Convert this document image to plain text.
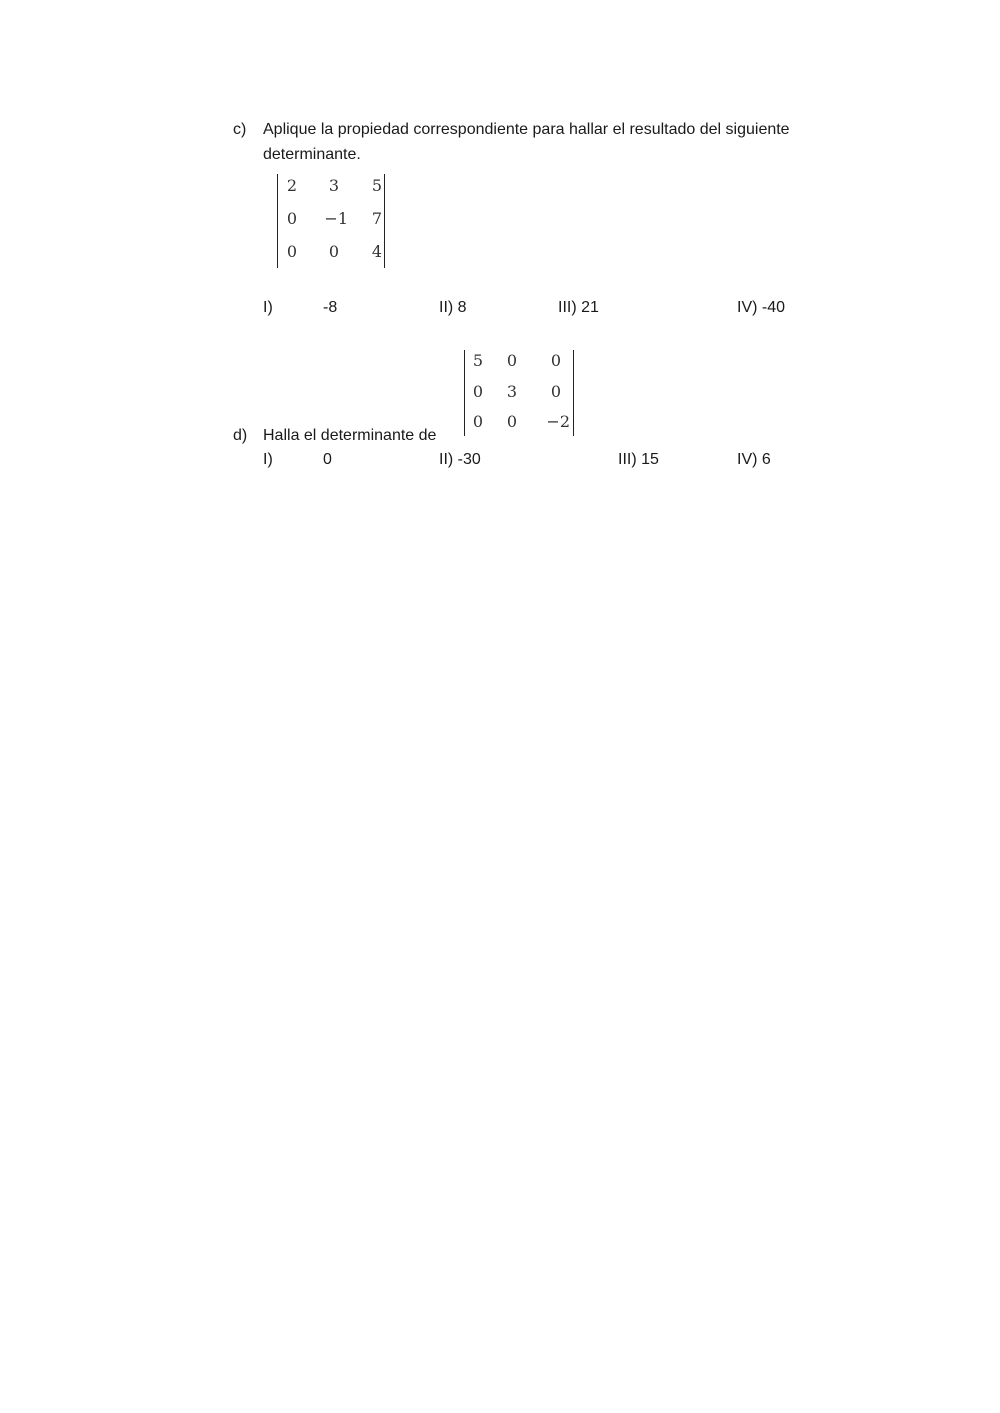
c) Aplique la propiedad correspondiente para hallar el resultado del siguiente
determinante.
2 3 5
0 −1 7
0 0 4
I)	-8	II) 8	III) 21	IV) -40
5 0 0
0 3 0
0 0 −2
d) Halla el determinante de
I)	0	II) -30	III) 15	IV) 6
